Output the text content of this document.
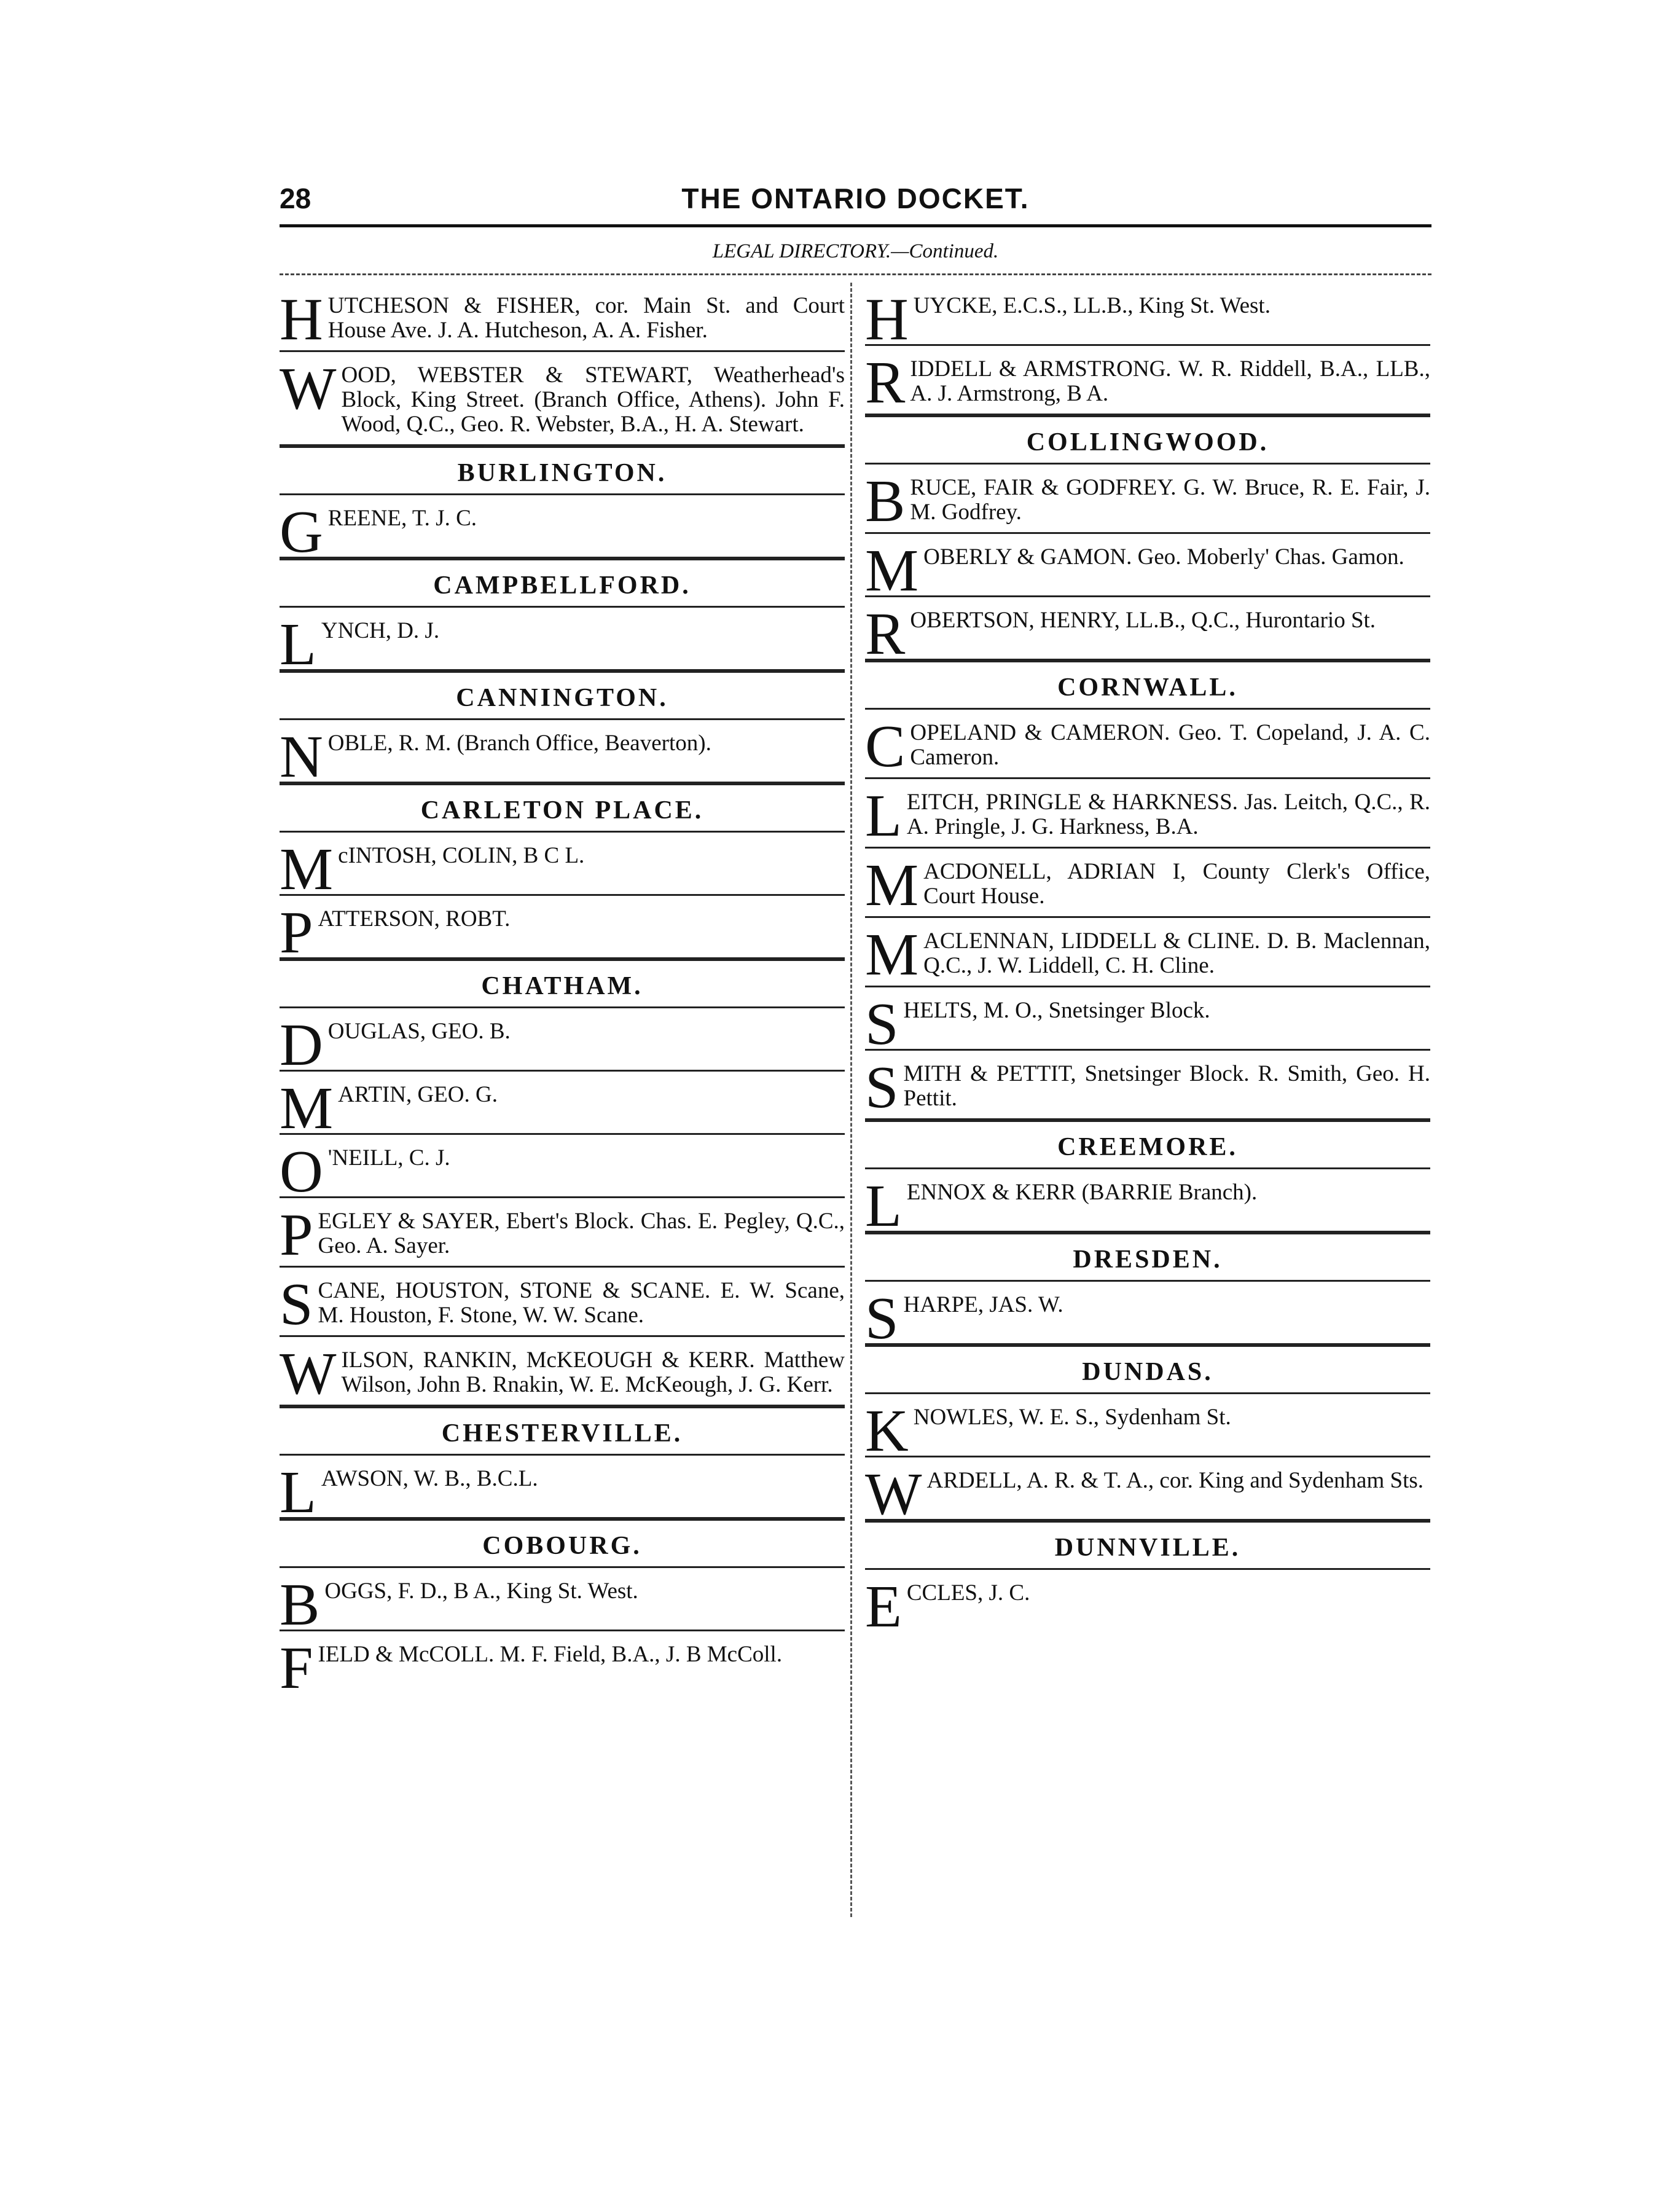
28	THE ONTARIO DOCKET.
LEGAL DIRECTORY.—Continued.
HUTCHESON & FISHER, cor. Main St. and Court House Ave. J. A. Hutcheson, A. A. Fisher.
WOOD, WEBSTER & STEWART, Weatherhead's Block, King Street. (Branch Office, Athens). John F. Wood, Q.C., Geo. R. Webster, B.A., H. A. Stewart.
BURLINGTON.
GREENE, T. J. C.
CAMPBELLFORD.
LYNCH, D. J.
CANNINGTON.
NOBLE, R. M. (Branch Office, Beaverton).
CARLETON PLACE.
McINTOSH, COLIN, B C L.
PATTERSON, ROBT.
CHATHAM.
DOUGLAS, GEO. B.
MARTIN, GEO. G.
O 'NEILL, C. J.
PEGLEY & SAYER, Ebert's Block. Chas. E. Pegley, Q.C., Geo. A. Sayer.
SCANE, HOUSTON, STONE & SCANE. E. W. Scane, M. Houston, F. Stone, W. W. Scane.
WILSON, RANKIN, McKEOUGH & KERR. Matthew Wilson, John B. Rnakin, W. E. McKeough, J. G. Kerr.
CHESTERVILLE.
LAWSON, W. B., B.C.L.
COBOURG.
BOGGS, F. D., B A., King St. West.
FIELD & McCOLL. M. F. Field, B.A., J. B McColl.
HUYCKE, E.C.S., LL.B., King St. West.
RIDDELL & ARMSTRONG. W. R. Riddell, B.A., LLB., A. J. Armstrong, B A.
COLLINGWOOD.
BRUCE, FAIR & GODFREY. G. W. Bruce, R. E. Fair, J. M. Godfrey.
MOBERLY & GAMON. Geo. Moberly' Chas. Gamon.
ROBERTSON, HENRY, LL.B., Q.C., Hurontario St.
CORNWALL.
COPELAND & CAMERON. Geo. T. Copeland, J. A. C. Cameron.
LEITCH, PRINGLE & HARKNESS. Jas. Leitch, Q.C., R. A. Pringle, J. G. Harkness, B.A.
MACDONELL, ADRIAN I, County Clerk's Office, Court House.
MACLENNAN, LIDDELL & CLINE. D. B. Maclennan, Q.C., J. W. Liddell, C. H. Cline.
SHELTS, M. O., Snetsinger Block.
SMITH & PETTIT, Snetsinger Block. R. Smith, Geo. H. Pettit.
CREEMORE.
LENNOX & KERR (BARRIE Branch).
DRESDEN.
SHARPE, JAS. W.
DUNDAS.
KNOWLES, W. E. S., Sydenham St.
WARDELL, A. R. & T. A., cor. King and Sydenham Sts.
DUNNVILLE.
ECCLES, J. C.
